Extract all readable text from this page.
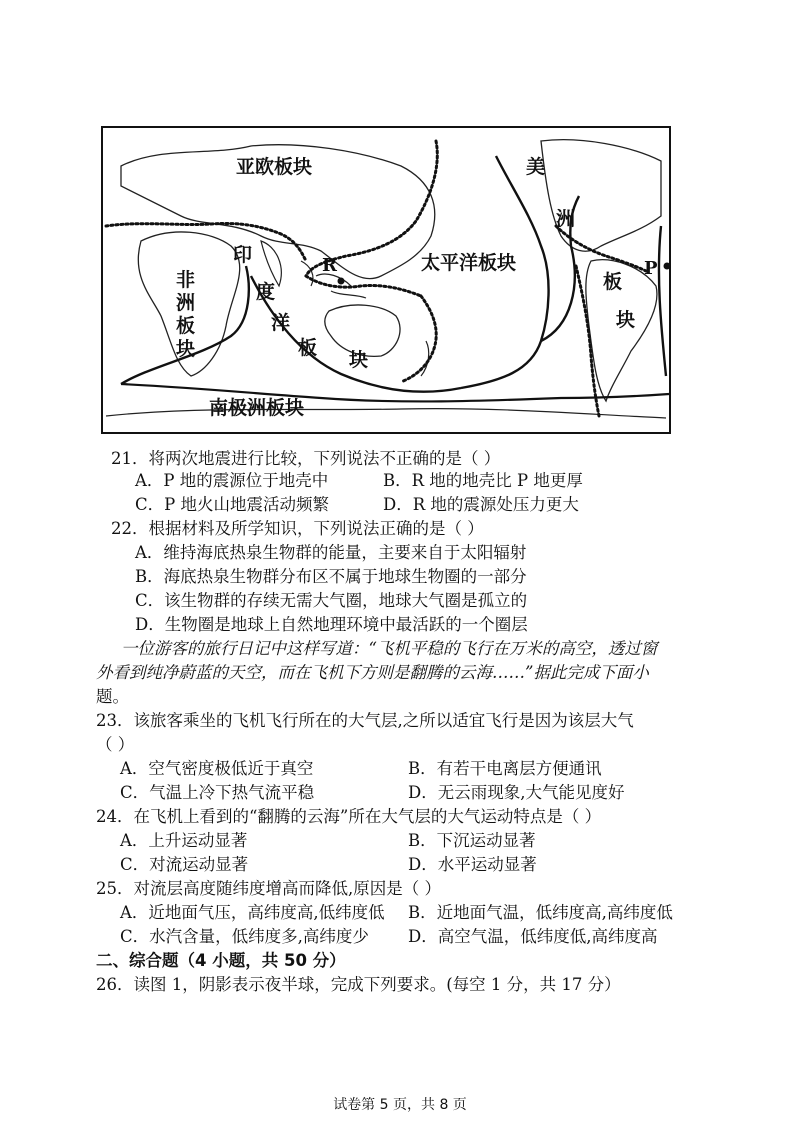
亚欧板块
太平洋板块
南极洲板块
非
洲
板
块
印
度
洋
板
块
美
洲
板
块
R	P
21．将两次地震进行比较，下列说法不正确的是（ ）
A．P 地的震源位于地壳中	B．R 地的地壳比 P 地更厚
C．P 地火山地震活动频繁	D．R 地的震源处压力更大
22．根据材料及所学知识，下列说法正确的是（ ）
A．维持海底热泉生物群的能量，主要来自于太阳辐射
B．海底热泉生物群分布区不属于地球生物圈的一部分
C．该生物群的存续无需大气圈，地球大气圈是孤立的
D．生物圈是地球上自然地理环境中最活跃的一个圈层
一位游客的旅行日记中这样写道：“飞机平稳的飞行在万米的高空，透过窗
外看到纯净蔚蓝的天空，而在飞机下方则是翻腾的云海……”据此完成下面小
题。
23．该旅客乘坐的飞机飞行所在的大气层,之所以适宜飞行是因为该层大气
（ ）
A．空气密度极低近于真空	B．有若干电离层方便通讯
C．气温上冷下热气流平稳	D．无云雨现象,大气能见度好
24．在飞机上看到的“翻腾的云海”所在大气层的大气运动特点是（ ）
A．上升运动显著	B．下沉运动显著
C．对流运动显著	D．水平运动显著
25．对流层高度随纬度增高而降低,原因是（ ）
A．近地面气压，高纬度高,低纬度低 B．近地面气温，低纬度高,高纬度低
C．水汽含量，低纬度多,高纬度少 D．高空气温，低纬度低,高纬度高
二、综合题（4 小题，共 50 分）
26．读图 1，阴影表示夜半球，完成下列要求。(每空 1 分，共 17 分）
试卷第 5 页，共 8 页
